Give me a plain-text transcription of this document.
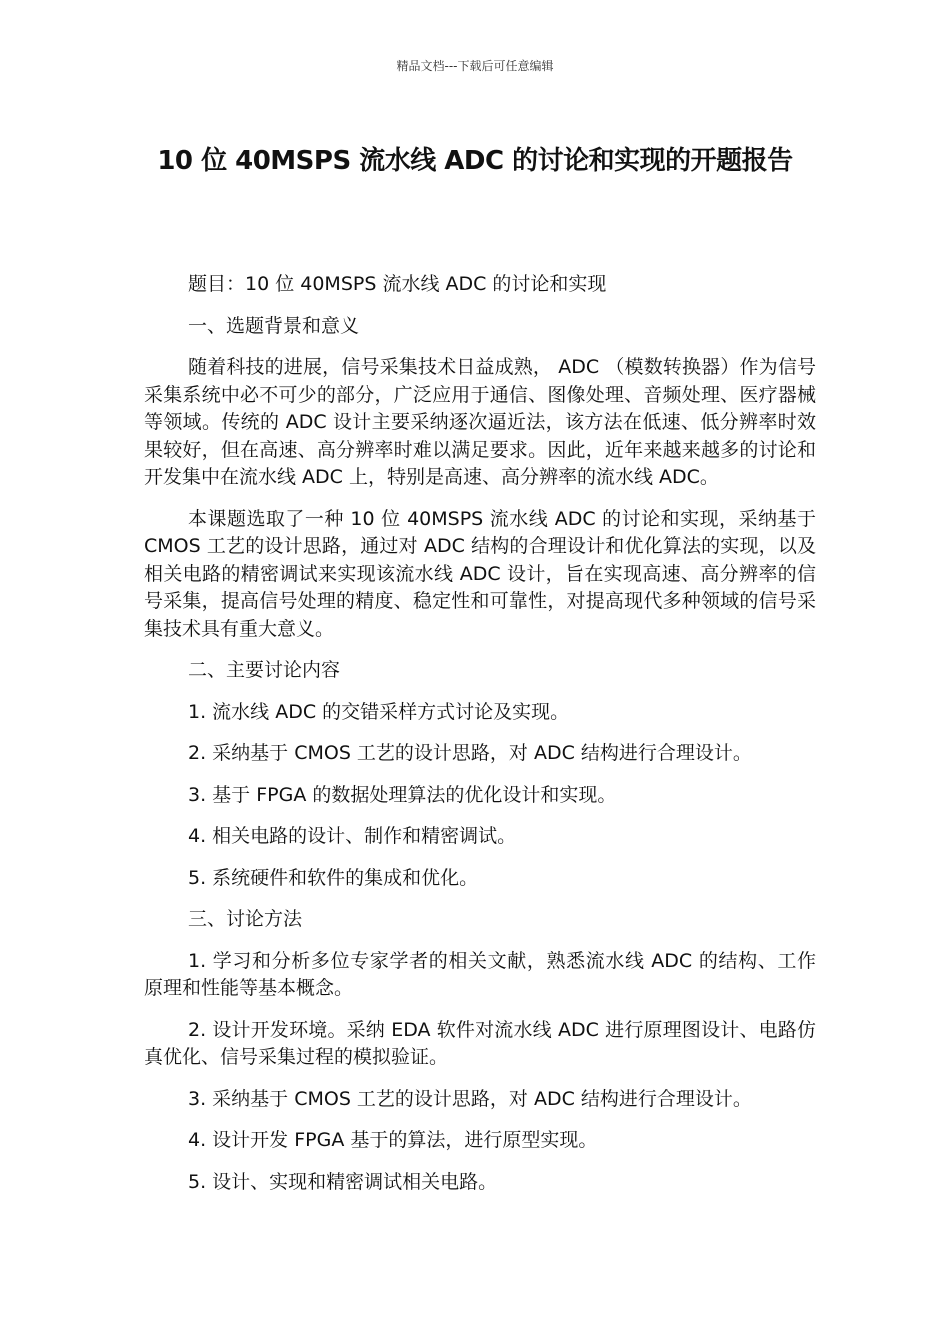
精品文档---下载后可任意编辑
10 位 40MSPS 流水线 ADC 的讨论和实现的开题报告

题目：10 位 40MSPS 流水线 ADC 的讨论和实现

一、选题背景和意义

随着科技的进展，信号采集技术日益成熟， ADC （模数转换器）作为信号采集系统中必不可少的部分，广泛应用于通信、图像处理、音频处理、医疗器械等领域。传统的 ADC 设计主要采纳逐次逼近法，该方法在低速、低分辨率时效果较好，但在高速、高分辨率时难以满足要求。因此，近年来越来越多的讨论和开发集中在流水线 ADC 上，特别是高速、高分辨率的流水线 ADC。

本课题选取了一种 10 位 40MSPS 流水线 ADC 的讨论和实现，采纳基于 CMOS 工艺的设计思路，通过对 ADC 结构的合理设计和优化算法的实现，以及相关电路的精密调试来实现该流水线 ADC 设计，旨在实现高速、高分辨率的信号采集，提高信号处理的精度、稳定性和可靠性，对提高现代多种领域的信号采集技术具有重大意义。

二、主要讨论内容

1. 流水线 ADC 的交错采样方式讨论及实现。

2. 采纳基于 CMOS 工艺的设计思路，对 ADC 结构进行合理设计。

3. 基于 FPGA 的数据处理算法的优化设计和实现。

4. 相关电路的设计、制作和精密调试。

5. 系统硬件和软件的集成和优化。

三、讨论方法

1. 学习和分析多位专家学者的相关文献，熟悉流水线 ADC 的结构、工作原理和性能等基本概念。

2. 设计开发环境。采纳 EDA 软件对流水线 ADC 进行原理图设计、电路仿真优化、信号采集过程的模拟验证。

3. 采纳基于 CMOS 工艺的设计思路，对 ADC 结构进行合理设计。

4. 设计开发 FPGA 基于的算法，进行原型实现。

5. 设计、实现和精密调试相关电路。
